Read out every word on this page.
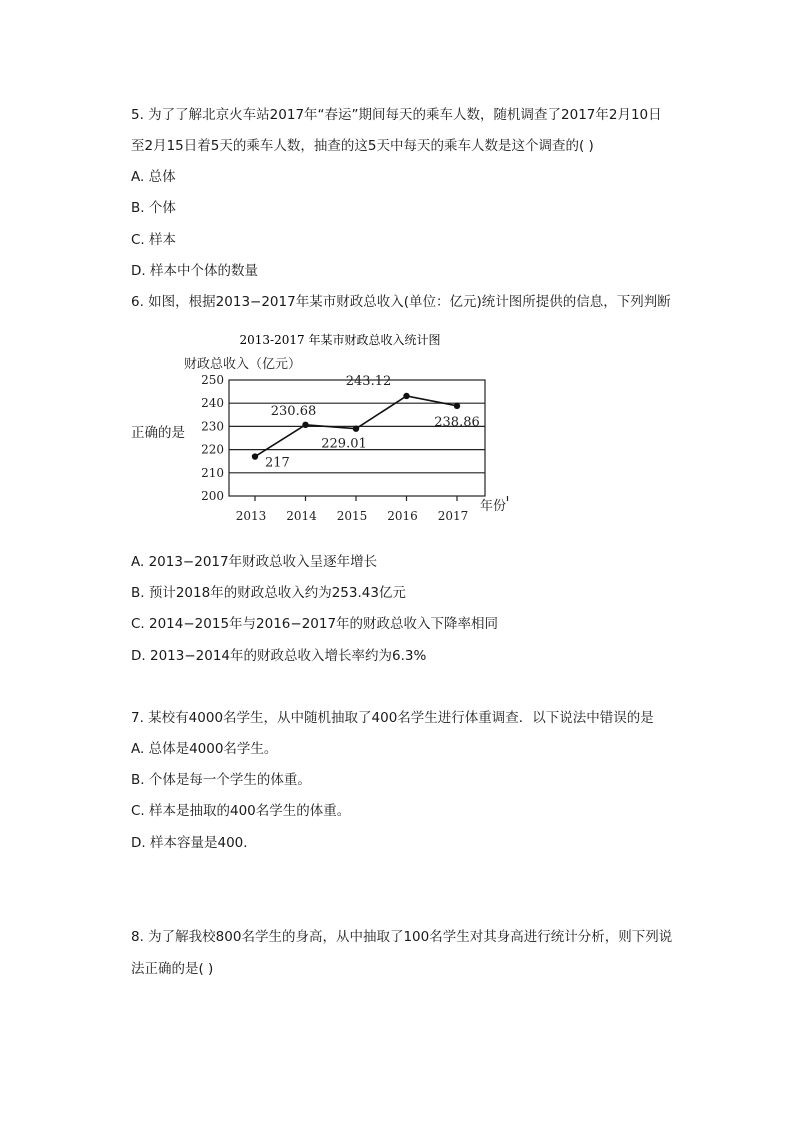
5. 为了了解北京火车站2017年“春运”期间每天的乘车人数，随机调查了2017年2月10日
至2月15日着5天的乘车人数，抽查的这5天中每天的乘车人数是这个调查的( )
A. 总体
B. 个体
C. 样本
D. 样本中个体的数量
6. 如图，根据2013−2017年某市财政总收入(单位：亿元)统计图所提供的信息，下列判断
正确的是
2013-2017 年某市财政总收入统计图
财政总收入（亿元）
年份
200
210
220
230
240
250
2013 2014 2015 2016 2017
217
230.68
229.01
243.12
238.86
A. 2013−2017年财政总收入呈逐年增长
B. 预计2018年的财政总收入约为253.43亿元
C. 2014−2015年与2016−2017年的财政总收入下降率相同
D. 2013−2014年的财政总收入增长率约为6.3%
7. 某校有4000名学生，从中随机抽取了400名学生进行体重调查．以下说法中错误的是
A. 总体是4000名学生。
B. 个体是每一个学生的体重。
C. 样本是抽取的400名学生的体重。
D. 样本容量是400.
8. 为了解我校800名学生的身高，从中抽取了100名学生对其身高进行统计分析，则下列说
法正确的是( )
